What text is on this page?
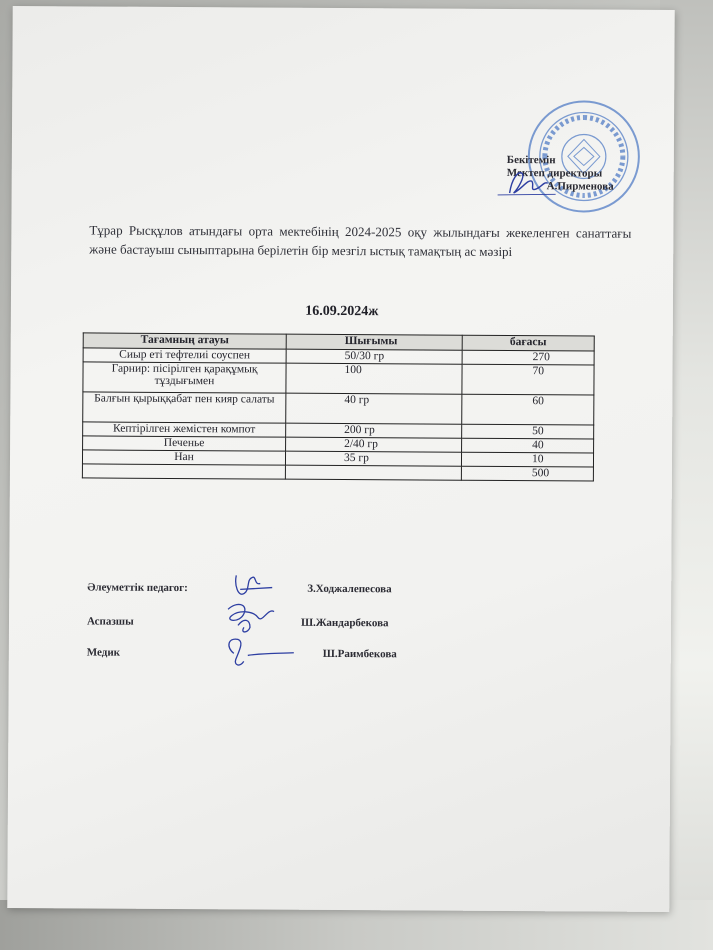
Бекітемін
Мектеп директоры
А.Пирменова
Тұрар Рысқұлов атындағы орта мектебінің 2024-2025 оқу жылындағы жекеленген санаттағы және бастауыш сыныптарына берілетін бір мезгіл ыстық тамақтың ас мәзірі
16.09.2024ж
Тағамның атауы	Шығымы	бағасы
Сиыр еті тефтелиі соуспен	50/30 гр	270
Гарнир: пісірілген қарақұмық тұздығымен	100	70
Балғын қырыққабат пен кияр салаты	40 гр	60
Кептірілген жемістен компот	200 гр	50
Печенье	2/40 гр	40
Нан	35 гр	10
		500
Әлеуметтік педагог:	З.Ходжалепесова
Аспазшы	Ш.Жандарбекова
Медик	Ш.Раимбекова
